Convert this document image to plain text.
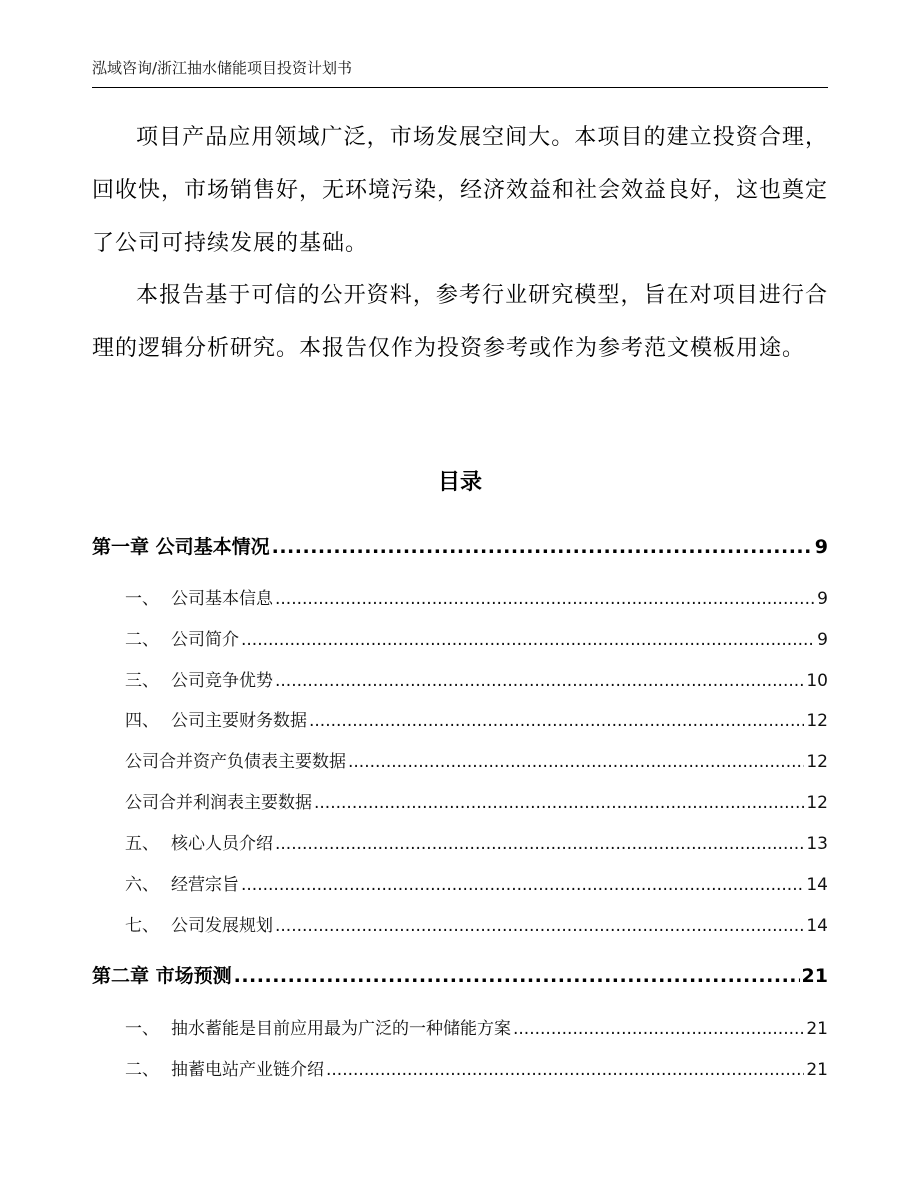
泓域咨询/浙江抽水储能项目投资计划书
项目产品应用领域广泛，市场发展空间大。本项目的建立投资合理，回收快，市场销售好，无环境污染，经济效益和社会效益良好，这也奠定了公司可持续发展的基础。
本报告基于可信的公开资料，参考行业研究模型，旨在对项目进行合理的逻辑分析研究。本报告仅作为投资参考或作为参考范文模板用途。
目录
第一章 公司基本情况 .....	9
一、 公司基本信息 .....	9
二、 公司简介 .....	9
三、 公司竞争优势 .....	10
四、 公司主要财务数据 .....	12
公司合并资产负债表主要数据 .....	12
公司合并利润表主要数据 .....	12
五、 核心人员介绍 .....	13
六、 经营宗旨 .....	14
七、 公司发展规划 .....	14
第二章 市场预测 .....	21
一、 抽水蓄能是目前应用最为广泛的一种储能方案 .....	21
二、 抽蓄电站产业链介绍 .....	21
